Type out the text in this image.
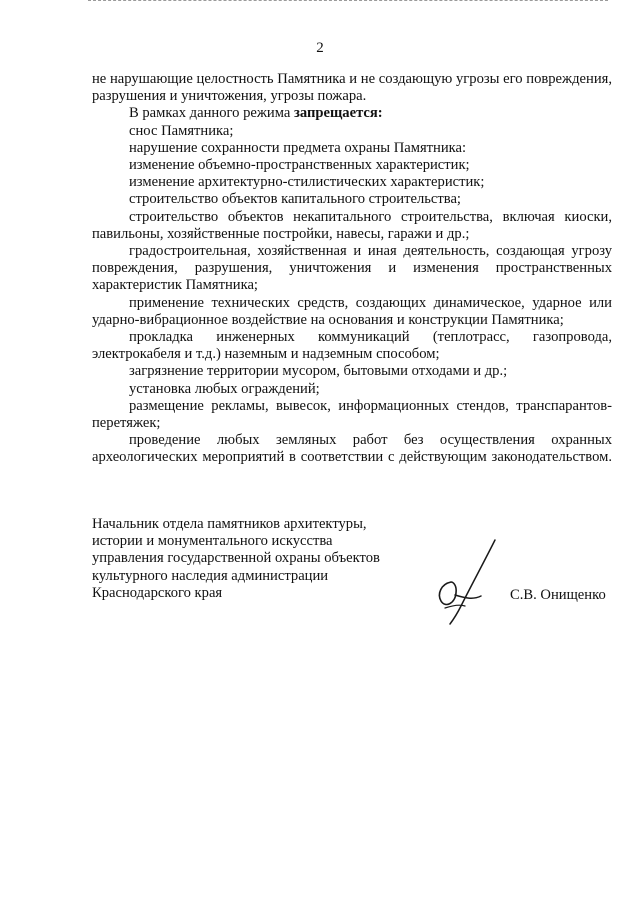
2

не нарушающие целостность Памятника и не создающую угрозы его повреждения, разрушения и уничтожения, угрозы пожара.

В рамках данного режима запрещается:

снос Памятника;

нарушение сохранности предмета охраны Памятника:

изменение объемно-пространственных характеристик;

изменение архитектурно-стилистических характеристик;

строительство объектов капитального строительства;

строительство объектов некапитального строительства, включая киоски, павильоны, хозяйственные постройки, навесы, гаражи и др.;

градостроительная, хозяйственная и иная деятельность, создающая угрозу повреждения, разрушения, уничтожения и изменения пространственных характеристик Памятника;

применение технических средств, создающих динамическое, ударное или ударно-вибрационное воздействие на основания и конструкции Памятника;

прокладка инженерных коммуникаций (теплотрасс, газопровода, электрокабеля и т.д.) наземным и надземным способом;

загрязнение территории мусором, бытовыми отходами и др.;

установка любых ограждений;

размещение рекламы, вывесок, информационных стендов, транспарантов-перетяжек;

проведение любых земляных работ без осуществления охранных археологических мероприятий в соответствии с действующим законодательством.

Начальник отдела памятников архитектуры,
истории и монументального искусства
управления государственной охраны объектов
культурного наследия администрации
Краснодарского края	С.В. Онищенко
